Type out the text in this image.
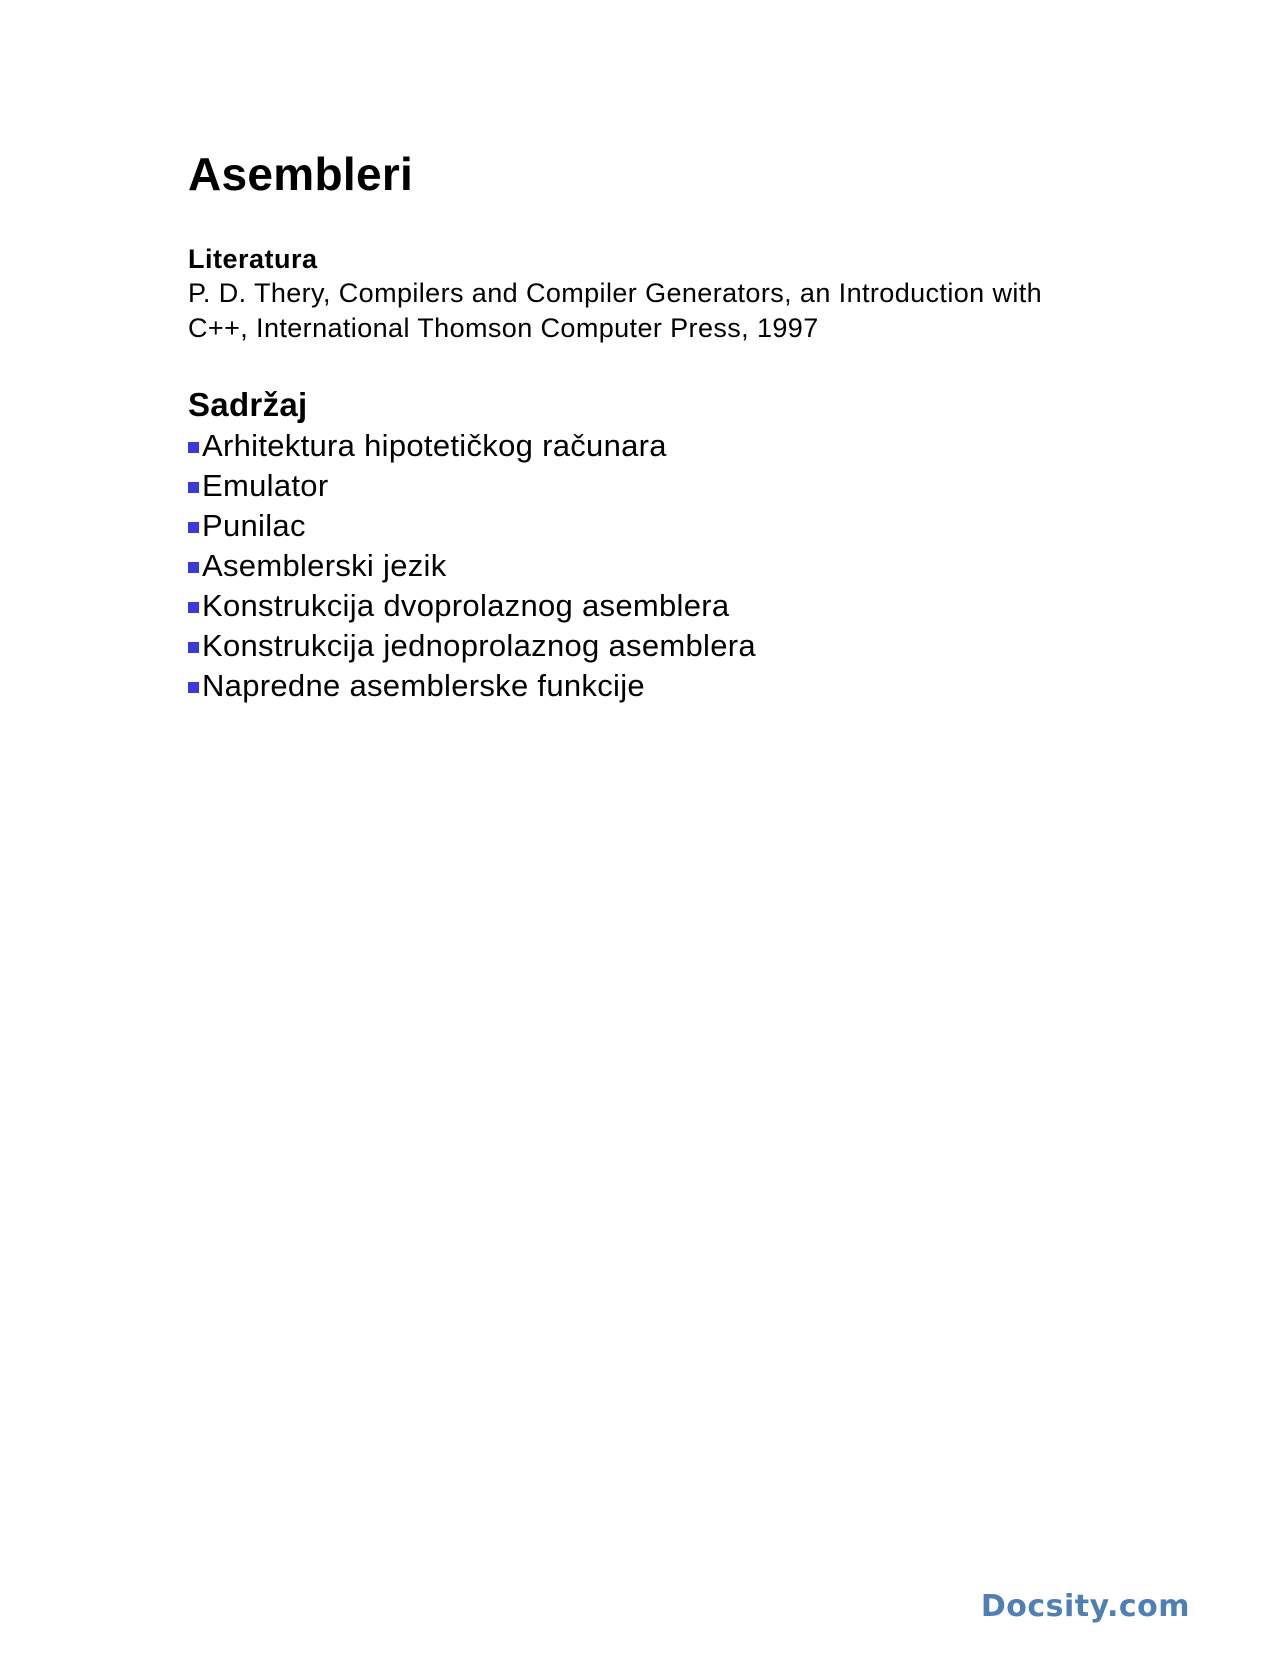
Asembleri
Literatura

P. D. Thery, Compilers and Compiler Generators, an Introduction with
C++, International Thomson Computer Press, 1997

Sadržaj
Arhitektura hipotetičkog računara
Emulator
Punilac
Asemblerski jezik
Konstrukcija dvoprolaznog asemblera
Konstrukcija jednoprolaznog asemblera
Napredne asemblerske funkcije
Docsity.com
